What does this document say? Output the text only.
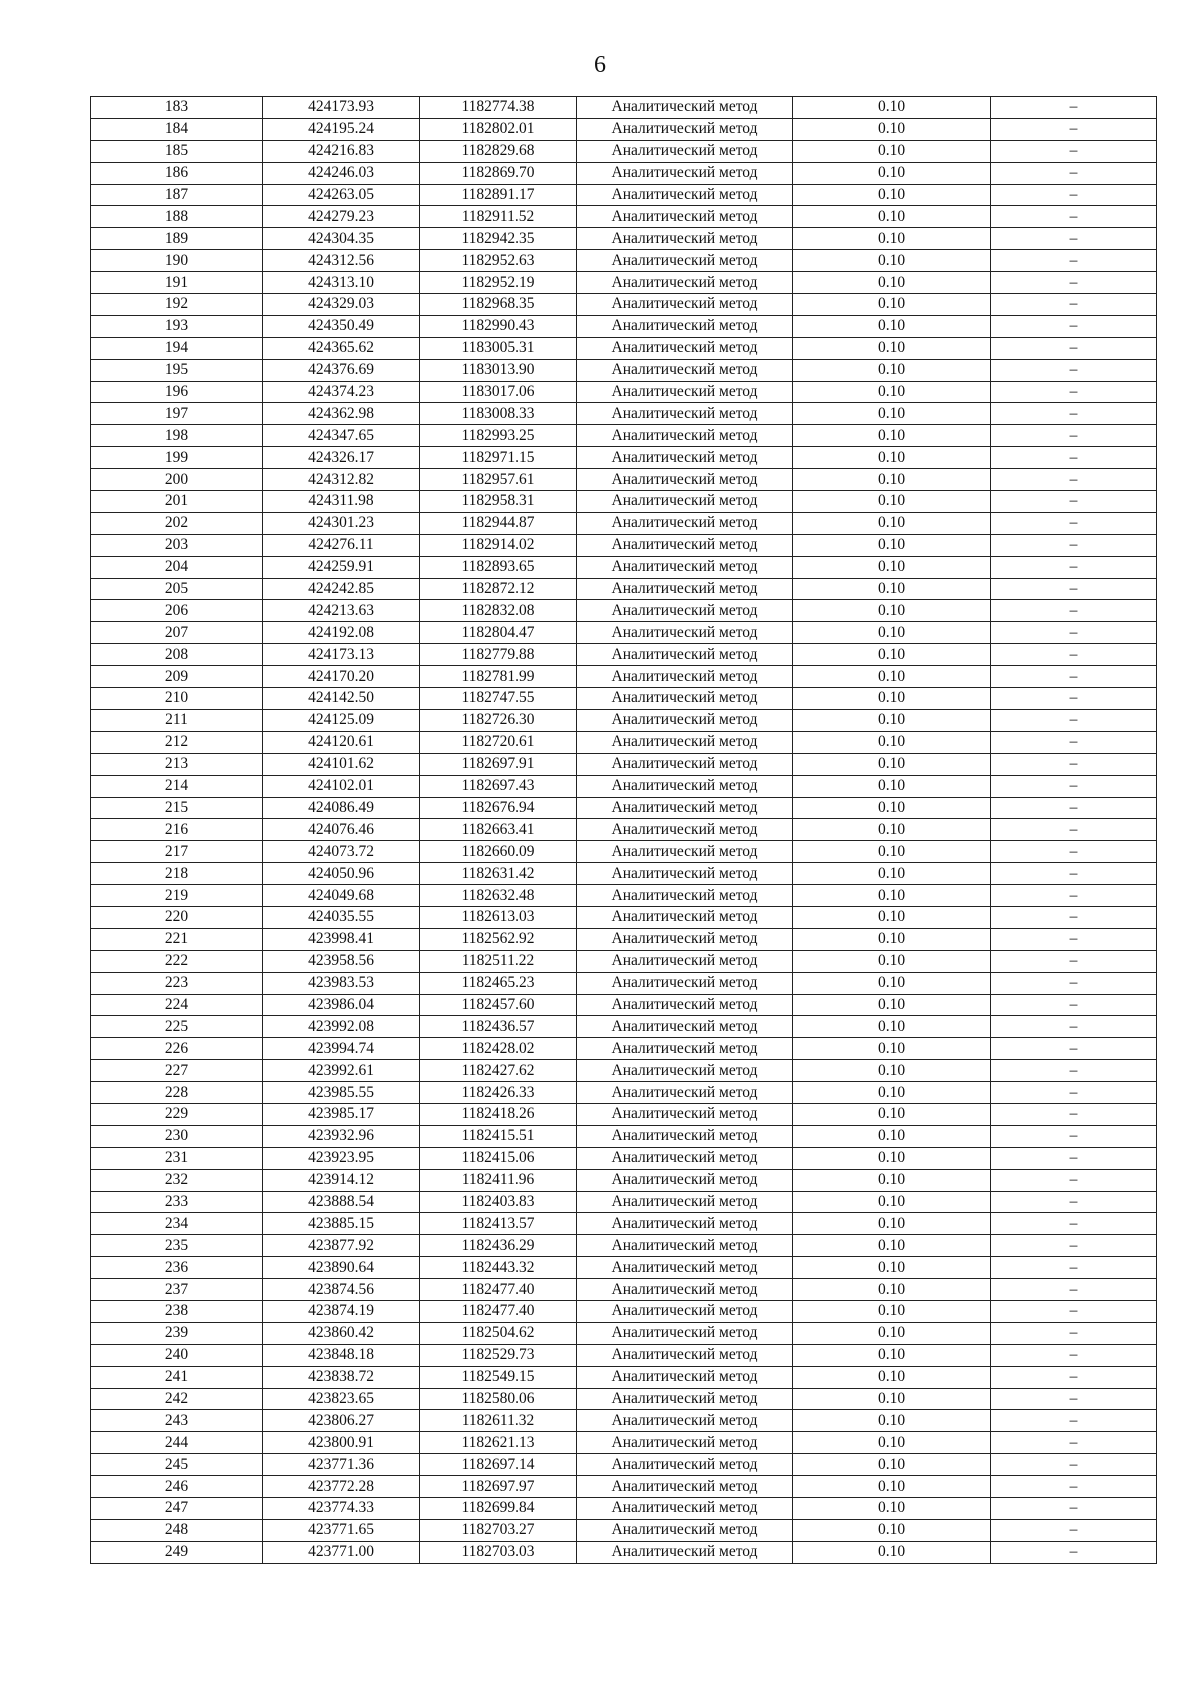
6
183	424173.93	1182774.38	Аналитический метод	0.10	–
184	424195.24	1182802.01	Аналитический метод	0.10	–
185	424216.83	1182829.68	Аналитический метод	0.10	–
186	424246.03	1182869.70	Аналитический метод	0.10	–
187	424263.05	1182891.17	Аналитический метод	0.10	–
188	424279.23	1182911.52	Аналитический метод	0.10	–
189	424304.35	1182942.35	Аналитический метод	0.10	–
190	424312.56	1182952.63	Аналитический метод	0.10	–
191	424313.10	1182952.19	Аналитический метод	0.10	–
192	424329.03	1182968.35	Аналитический метод	0.10	–
193	424350.49	1182990.43	Аналитический метод	0.10	–
194	424365.62	1183005.31	Аналитический метод	0.10	–
195	424376.69	1183013.90	Аналитический метод	0.10	–
196	424374.23	1183017.06	Аналитический метод	0.10	–
197	424362.98	1183008.33	Аналитический метод	0.10	–
198	424347.65	1182993.25	Аналитический метод	0.10	–
199	424326.17	1182971.15	Аналитический метод	0.10	–
200	424312.82	1182957.61	Аналитический метод	0.10	–
201	424311.98	1182958.31	Аналитический метод	0.10	–
202	424301.23	1182944.87	Аналитический метод	0.10	–
203	424276.11	1182914.02	Аналитический метод	0.10	–
204	424259.91	1182893.65	Аналитический метод	0.10	–
205	424242.85	1182872.12	Аналитический метод	0.10	–
206	424213.63	1182832.08	Аналитический метод	0.10	–
207	424192.08	1182804.47	Аналитический метод	0.10	–
208	424173.13	1182779.88	Аналитический метод	0.10	–
209	424170.20	1182781.99	Аналитический метод	0.10	–
210	424142.50	1182747.55	Аналитический метод	0.10	–
211	424125.09	1182726.30	Аналитический метод	0.10	–
212	424120.61	1182720.61	Аналитический метод	0.10	–
213	424101.62	1182697.91	Аналитический метод	0.10	–
214	424102.01	1182697.43	Аналитический метод	0.10	–
215	424086.49	1182676.94	Аналитический метод	0.10	–
216	424076.46	1182663.41	Аналитический метод	0.10	–
217	424073.72	1182660.09	Аналитический метод	0.10	–
218	424050.96	1182631.42	Аналитический метод	0.10	–
219	424049.68	1182632.48	Аналитический метод	0.10	–
220	424035.55	1182613.03	Аналитический метод	0.10	–
221	423998.41	1182562.92	Аналитический метод	0.10	–
222	423958.56	1182511.22	Аналитический метод	0.10	–
223	423983.53	1182465.23	Аналитический метод	0.10	–
224	423986.04	1182457.60	Аналитический метод	0.10	–
225	423992.08	1182436.57	Аналитический метод	0.10	–
226	423994.74	1182428.02	Аналитический метод	0.10	–
227	423992.61	1182427.62	Аналитический метод	0.10	–
228	423985.55	1182426.33	Аналитический метод	0.10	–
229	423985.17	1182418.26	Аналитический метод	0.10	–
230	423932.96	1182415.51	Аналитический метод	0.10	–
231	423923.95	1182415.06	Аналитический метод	0.10	–
232	423914.12	1182411.96	Аналитический метод	0.10	–
233	423888.54	1182403.83	Аналитический метод	0.10	–
234	423885.15	1182413.57	Аналитический метод	0.10	–
235	423877.92	1182436.29	Аналитический метод	0.10	–
236	423890.64	1182443.32	Аналитический метод	0.10	–
237	423874.56	1182477.40	Аналитический метод	0.10	–
238	423874.19	1182477.40	Аналитический метод	0.10	–
239	423860.42	1182504.62	Аналитический метод	0.10	–
240	423848.18	1182529.73	Аналитический метод	0.10	–
241	423838.72	1182549.15	Аналитический метод	0.10	–
242	423823.65	1182580.06	Аналитический метод	0.10	–
243	423806.27	1182611.32	Аналитический метод	0.10	–
244	423800.91	1182621.13	Аналитический метод	0.10	–
245	423771.36	1182697.14	Аналитический метод	0.10	–
246	423772.28	1182697.97	Аналитический метод	0.10	–
247	423774.33	1182699.84	Аналитический метод	0.10	–
248	423771.65	1182703.27	Аналитический метод	0.10	–
249	423771.00	1182703.03	Аналитический метод	0.10	–
